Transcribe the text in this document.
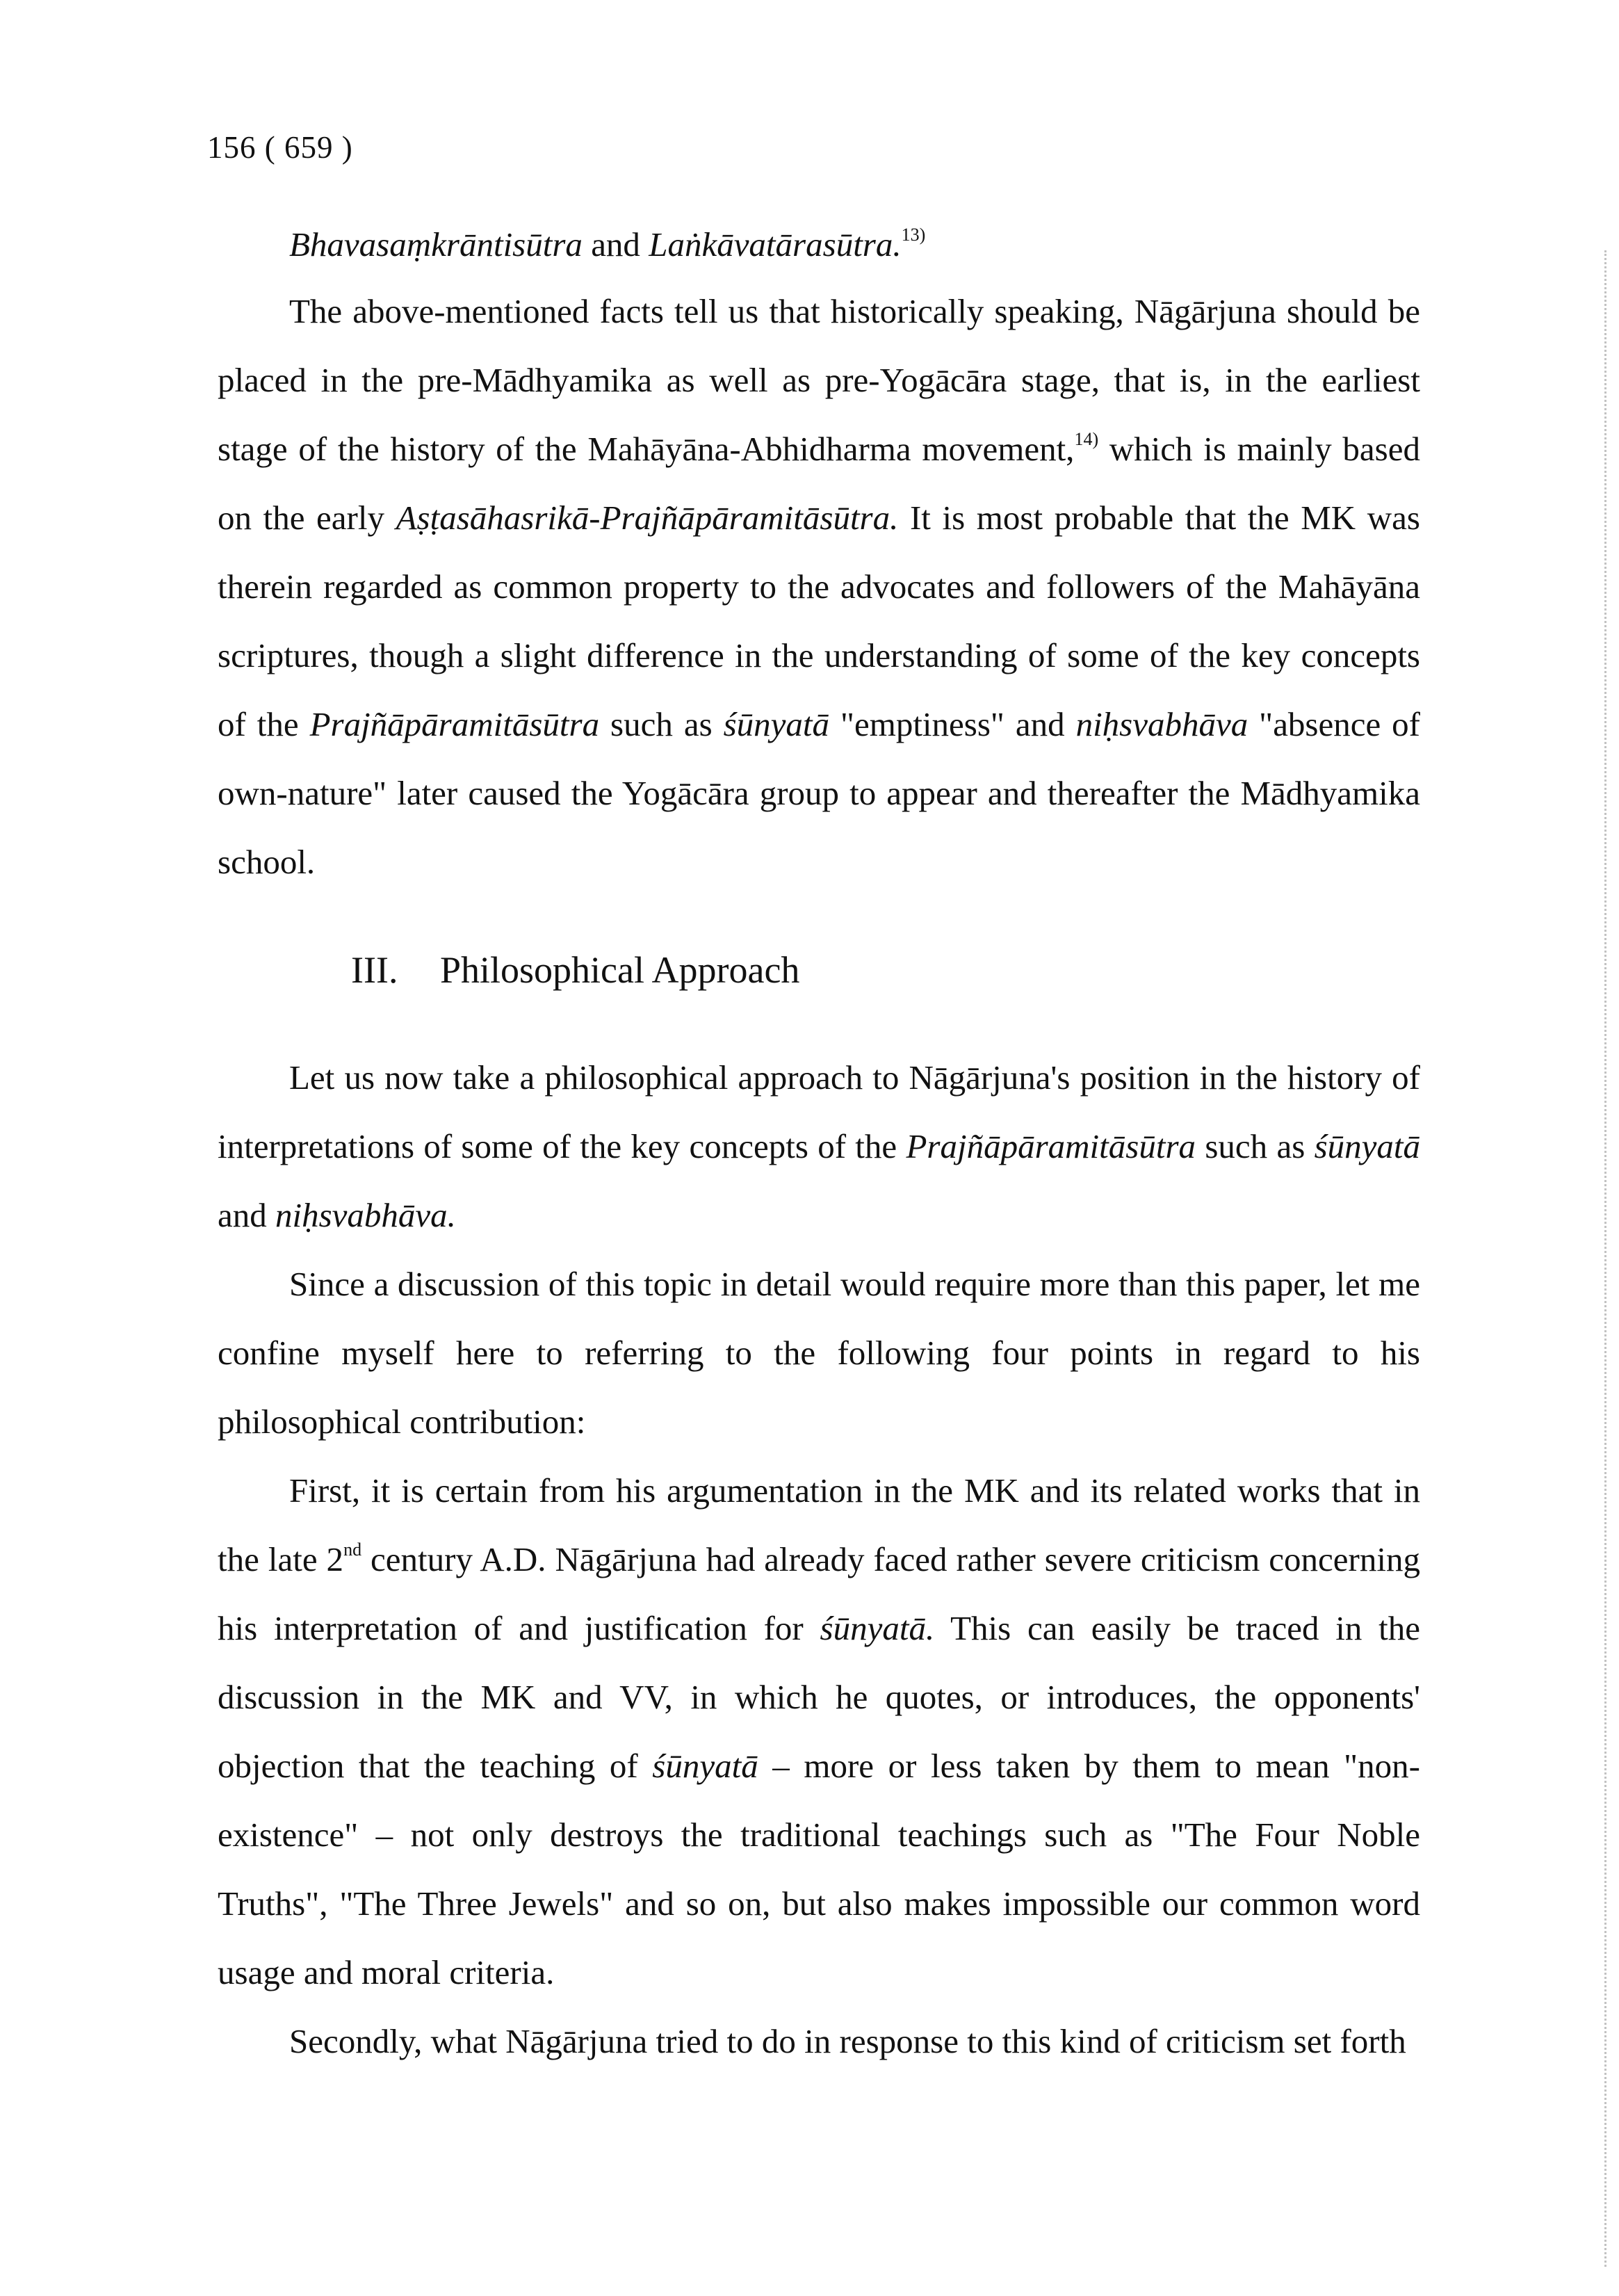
156 ( 659 )
Bhavasaṃkrāntisūtra and Laṅkāvatārasūtra.$^{13)}$

The above-mentioned facts tell us that historically speaking, Nāgārjuna should be placed in the pre-Mādhyamika as well as pre-Yogācāra stage, that is, in the earliest stage of the history of the Mahāyāna-Abhidharma movement,$^{14)}$ which is mainly based on the early Aṣṭasāhasrikā-Prajñāpāramitāsūtra. It is most probable that the MK was therein regarded as common property to the advocates and followers of the Mahāyāna scriptures, though a slight difference in the understanding of some of the key concepts of the Prajñāpāramitāsūtra such as śūnyatā "emptiness" and niḥsvabhāva "absence of own-nature" later caused the Yogācāra group to appear and thereafter the Mādhyamika school.

III. Philosophical Approach

Let us now take a philosophical approach to Nāgārjuna's position in the history of interpretations of some of the key concepts of the Prajñāpāramitāsūtra such as śūnyatā and niḥsvabhāva.

Since a discussion of this topic in detail would require more than this paper, let me confine myself here to referring to the following four points in regard to his philosophical contribution:

First, it is certain from his argumentation in the MK and its related works that in the late 2nd century A.D. Nāgārjuna had already faced rather severe criticism concerning his interpretation of and justification for śūnyatā. This can easily be traced in the discussion in the MK and VV, in which he quotes, or introduces, the opponents' objection that the teaching of śūnyatā – more or less taken by them to mean "non-existence" – not only destroys the traditional teachings such as "The Four Noble Truths", "The Three Jewels" and so on, but also makes impossible our common word usage and moral criteria.

Secondly, what Nāgārjuna tried to do in response to this kind of criticism set forth
